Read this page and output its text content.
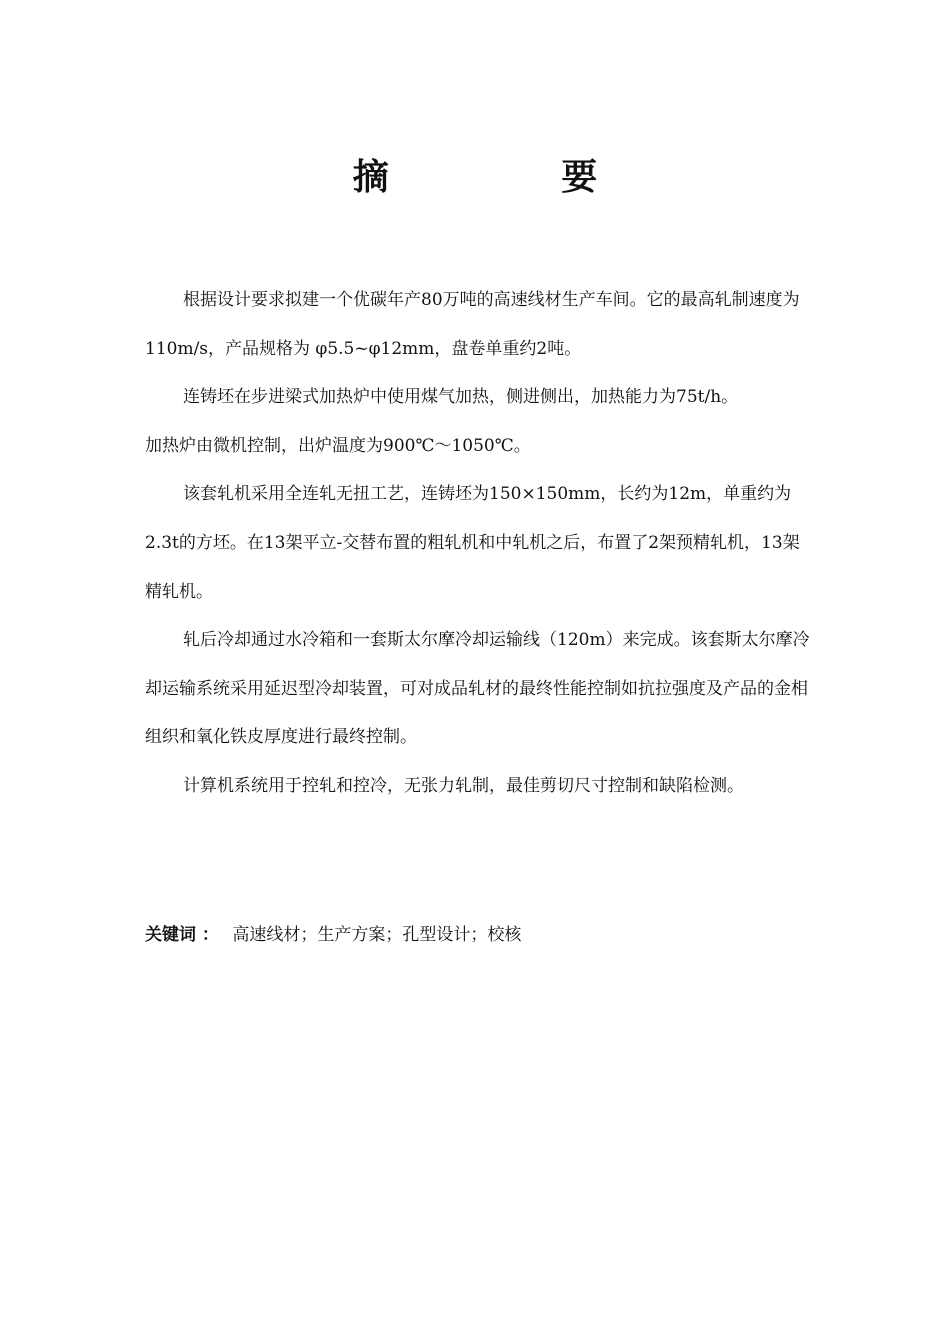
摘 要

根据设计要求拟建一个优碳年产80万吨的高速线材生产车间。它的最高轧制速度为110m/s，产品规格为 φ5.5~φ12mm，盘卷单重约2吨。

连铸坯在步进梁式加热炉中使用煤气加热，侧进侧出，加热能力为75t/h。加热炉由微机控制，出炉温度为900℃～1050℃。

该套轧机采用全连轧无扭工艺，连铸坯为150×150mm，长约为12m，单重约为2.3t的方坯。在13架平立-交替布置的粗轧机和中轧机之后，布置了2架预精轧机，13架精轧机。

轧后冷却通过水冷箱和一套斯太尔摩冷却运输线（120m）来完成。该套斯太尔摩冷却运输系统采用延迟型冷却装置，可对成品轧材的最终性能控制如抗拉强度及产品的金相组织和氧化铁皮厚度进行最终控制。

计算机系统用于控轧和控冷，无张力轧制，最佳剪切尺寸控制和缺陷检测。

关键词 ： 高速线材；生产方案；孔型设计；校核
